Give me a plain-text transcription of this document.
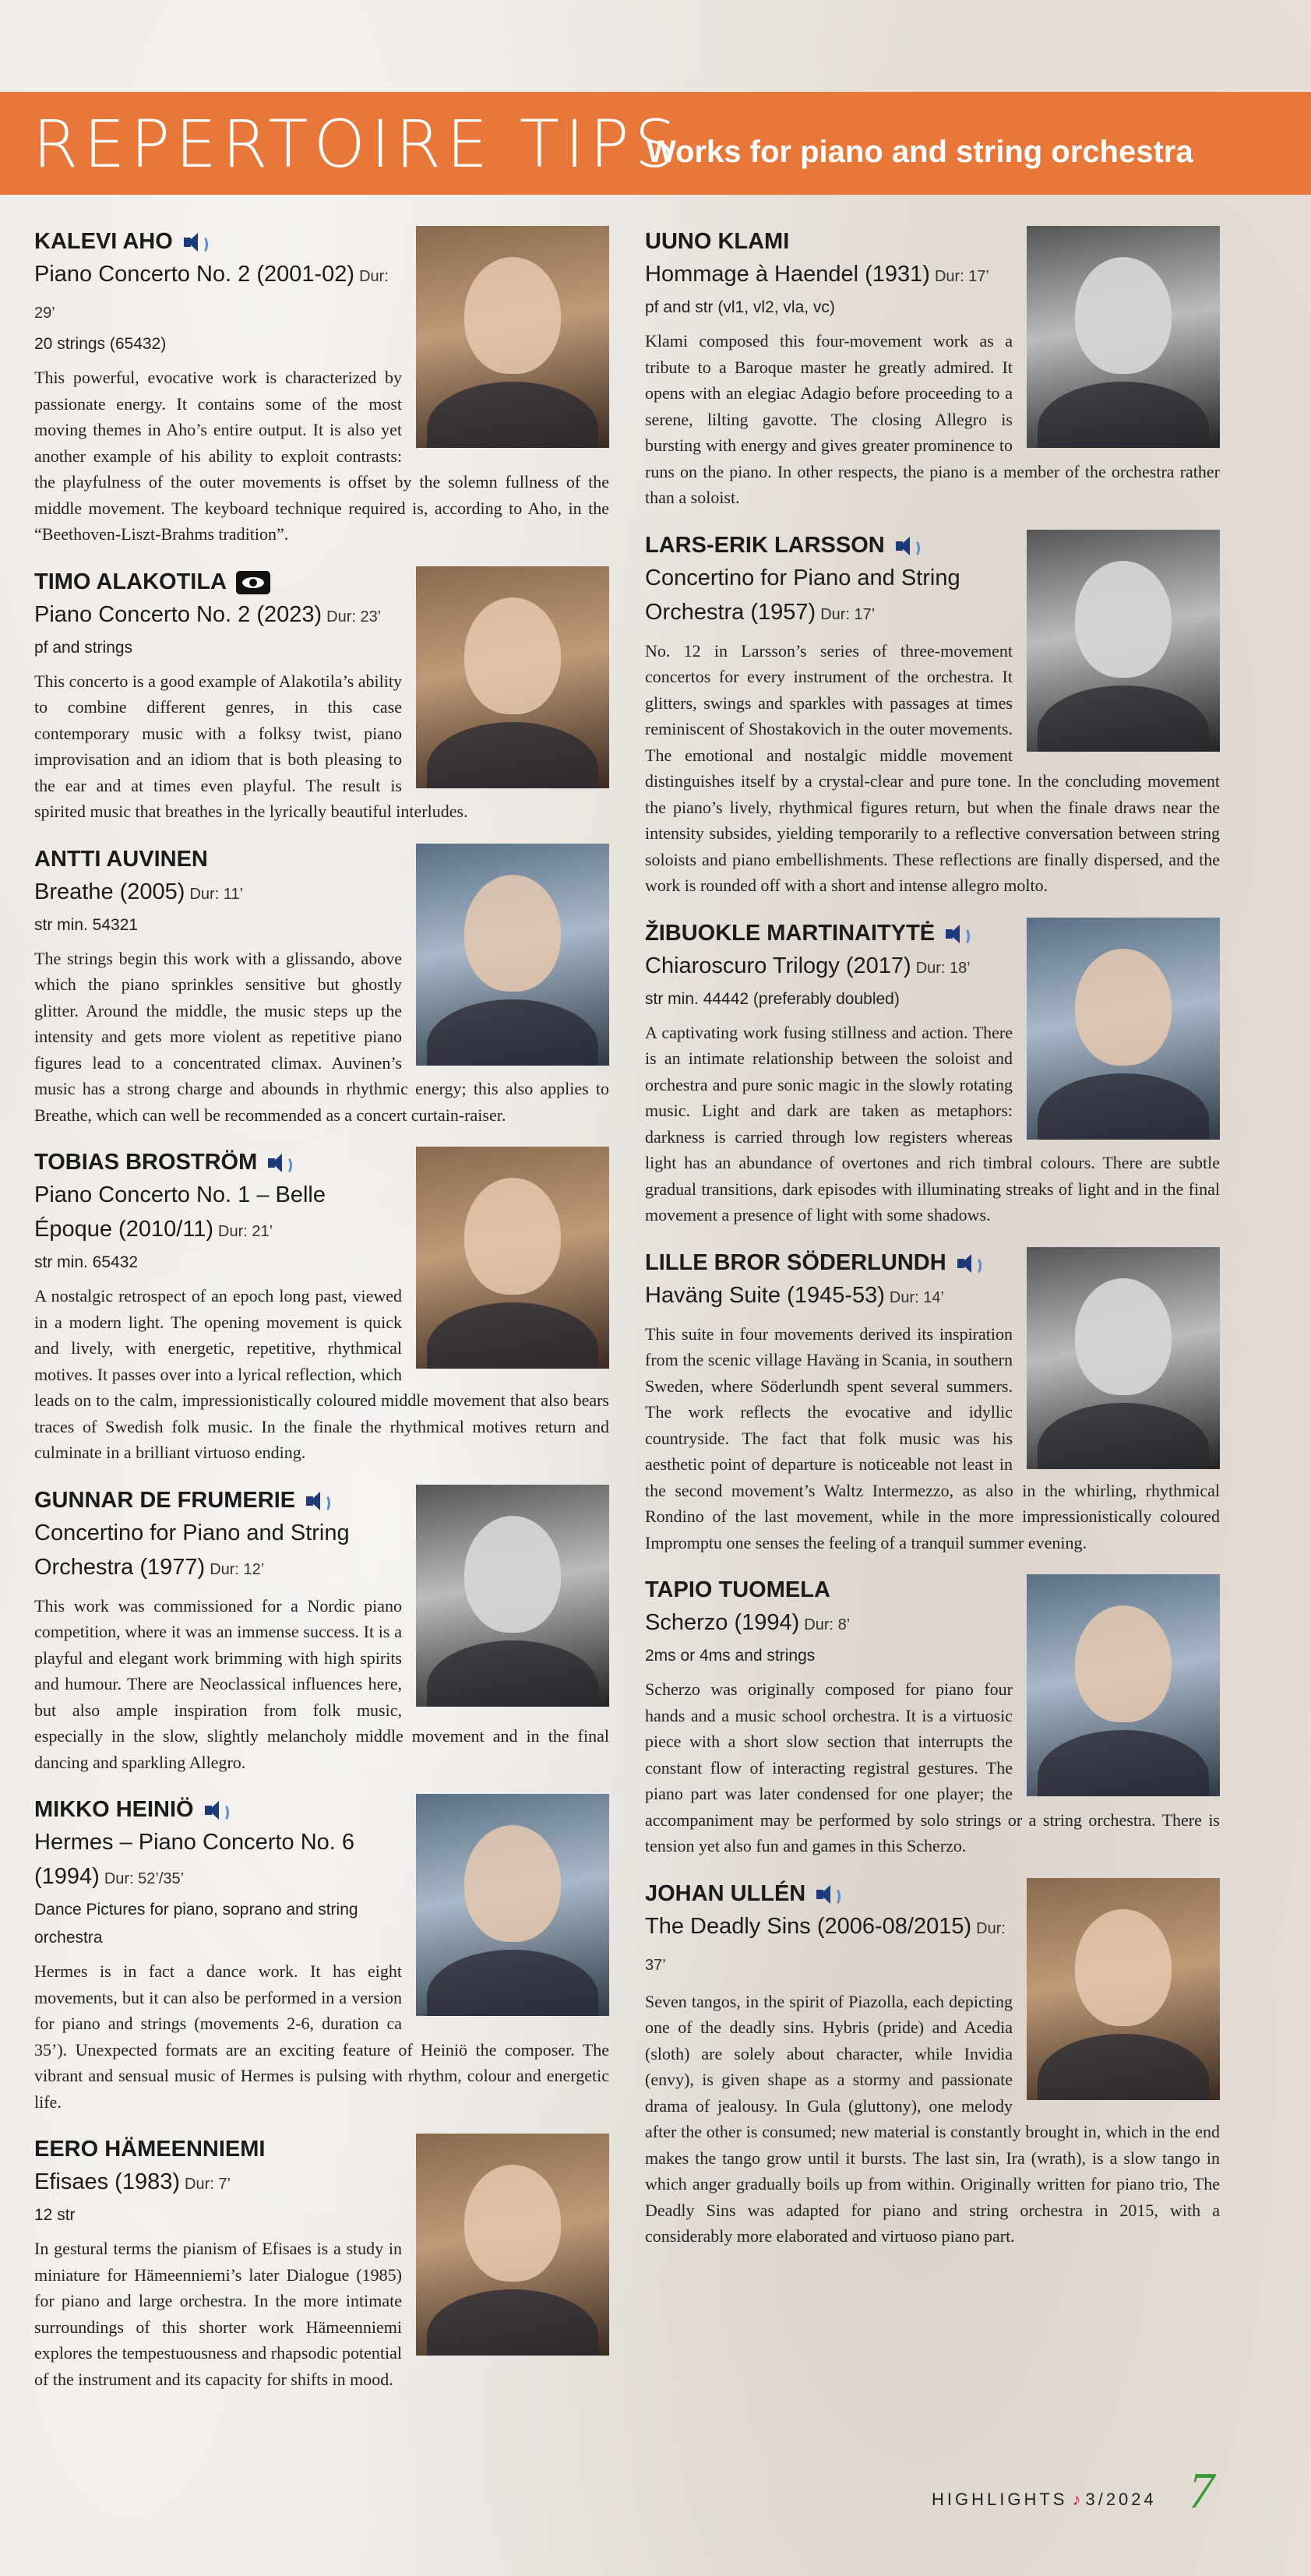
REPERTOIRE TIPS
Works for piano and string orchestra
KALEVI AHO
Piano Concerto No. 2 (2001-02) Dur: 29’
20 strings (65432)
This powerful, evocative work is characterized by passionate energy. It contains some of the most moving themes in Aho’s entire output. It is also yet another example of his ability to exploit contrasts: the playfulness of the outer movements is offset by the solemn fullness of the middle movement. The keyboard technique required is, according to Aho, in the “Beethoven-Liszt-Brahms tradition”.
TIMO ALAKOTILA
Piano Concerto No. 2 (2023) Dur: 23’
pf and strings
This concerto is a good example of Alakotila’s ability to combine different genres, in this case contemporary music with a folksy twist, piano improvisation and an idiom that is both pleasing to the ear and at times even playful. The result is spirited music that breathes in the lyrically beautiful interludes.
ANTTI AUVINEN
Breathe (2005) Dur: 11’
str min. 54321
The strings begin this work with a glissando, above which the piano sprinkles sensitive but ghostly glitter. Around the middle, the music steps up the intensity and gets more violent as repetitive piano figures lead to a concentrated climax. Auvinen’s music has a strong charge and abounds in rhythmic energy; this also applies to Breathe, which can well be recommended as a concert curtain-raiser.
TOBIAS BROSTRÖM
Piano Concerto No. 1 – Belle Époque (2010/11) Dur: 21’
str min. 65432
A nostalgic retrospect of an epoch long past, viewed in a modern light. The opening movement is quick and lively, with energetic, repetitive, rhythmical motives. It passes over into a lyrical reflection, which leads on to the calm, impressionistically coloured middle movement that also bears traces of Swedish folk music. In the finale the rhythmical motives return and culminate in a brilliant virtuoso ending.
GUNNAR DE FRUMERIE
Concertino for Piano and String Orchestra (1977) Dur: 12’
This work was commissioned for a Nordic piano competition, where it was an immense success. It is a playful and elegant work brimming with high spirits and humour. There are Neoclassical influences here, but also ample inspiration from folk music, especially in the slow, slightly melancholy middle movement and in the final dancing and sparkling Allegro.
MIKKO HEINIÖ
Hermes – Piano Concerto No. 6 (1994) Dur: 52’/35’
Dance Pictures for piano, soprano and string orchestra
Hermes is in fact a dance work. It has eight movements, but it can also be performed in a version for piano and strings (movements 2-6, duration ca 35’). Unexpected formats are an exciting feature of Heiniö the composer. The vibrant and sensual music of Hermes is pulsing with rhythm, colour and energetic life.
EERO HÄMEENNIEMI
Efisaes (1983) Dur: 7’
12 str
In gestural terms the pianism of Efisaes is a study in miniature for Hämeenniemi’s later Dialogue (1985) for piano and large orchestra. In the more intimate surroundings of this shorter work Hämeenniemi explores the tempestuousness and rhapsodic potential of the instrument and its capacity for shifts in mood.
UUNO KLAMI
Hommage à Haendel (1931) Dur: 17’
pf and str (vl1, vl2, vla, vc)
Klami composed this four-movement work as a tribute to a Baroque master he greatly admired. It opens with an elegiac Adagio before proceeding to a serene, lilting gavotte. The closing Allegro is bursting with energy and gives greater prominence to runs on the piano. In other respects, the piano is a member of the orchestra rather than a soloist.
LARS-ERIK LARSSON
Concertino for Piano and String Orchestra (1957) Dur: 17’
No. 12 in Larsson’s series of three-movement concertos for every instrument of the orchestra. It glitters, swings and sparkles with passages at times reminiscent of Shostakovich in the outer movements. The emotional and nostalgic middle movement distinguishes itself by a crystal-clear and pure tone. In the concluding movement the piano’s lively, rhythmical figures return, but when the finale draws near the intensity subsides, yielding temporarily to a reflective conversation between string soloists and piano embellishments. These reflections are finally dispersed, and the work is rounded off with a short and intense allegro molto.
ŽIBUOKLE MARTINAITYTĖ
Chiaroscuro Trilogy (2017) Dur: 18’
str min. 44442 (preferably doubled)
A captivating work fusing stillness and action. There is an intimate relationship between the soloist and orchestra and pure sonic magic in the slowly rotating music. Light and dark are taken as metaphors: darkness is carried through low registers whereas light has an abundance of overtones and rich timbral colours. There are subtle gradual transitions, dark episodes with illuminating streaks of light and in the final movement a presence of light with some shadows.
LILLE BROR SÖDERLUNDH
Haväng Suite (1945-53) Dur: 14’
This suite in four movements derived its inspiration from the scenic village Haväng in Scania, in southern Sweden, where Söderlundh spent several summers. The work reflects the evocative and idyllic countryside. The fact that folk music was his aesthetic point of departure is noticeable not least in the second movement’s Waltz Intermezzo, as also in the whirling, rhythmical Rondino of the last movement, while in the more impressionistically coloured Impromptu one senses the feeling of a tranquil summer evening.
TAPIO TUOMELA
Scherzo (1994) Dur: 8’
2ms or 4ms and strings
Scherzo was originally composed for piano four hands and a music school orchestra. It is a virtuosic piece with a short slow section that interrupts the constant flow of interacting registral gestures. The piano part was later condensed for one player; the accompaniment may be performed by solo strings or a string orchestra. There is tension yet also fun and games in this Scherzo.
JOHAN ULLÉN
The Deadly Sins (2006-08/2015) Dur: 37’
Seven tangos, in the spirit of Piazolla, each depicting one of the deadly sins. Hybris (pride) and Acedia (sloth) are solely about character, while Invidia (envy), is given shape as a stormy and passionate drama of jealousy. In Gula (gluttony), one melody after the other is consumed; new material is constantly brought in, which in the end makes the tango grow until it bursts. The last sin, Ira (wrath), is a slow tango in which anger gradually boils up from within. Originally written for piano trio, The Deadly Sins was adapted for piano and string orchestra in 2015, with a considerably more elaborated and virtuoso piano part.
HIGHLIGHTS ♪ 3/2024 7
